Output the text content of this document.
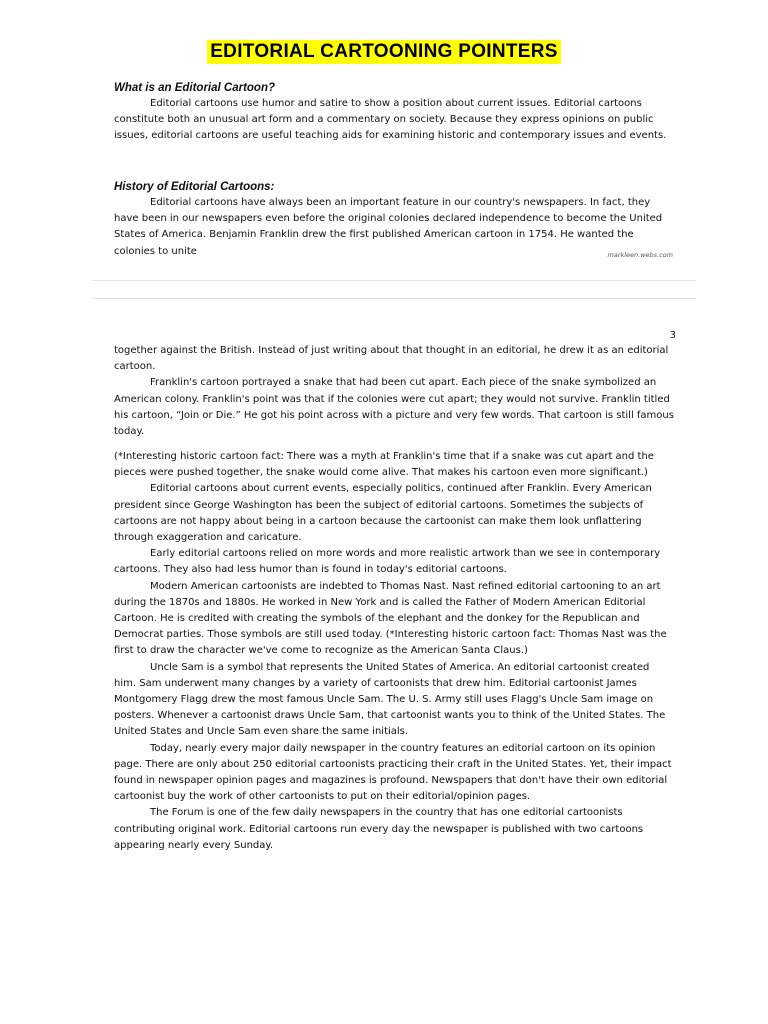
EDITORIAL CARTOONING POINTERS

What is an Editorial Cartoon?

Editorial cartoons use humor and satire to show a position about current issues. Editorial cartoons constitute both an unusual art form and a commentary on society. Because they express opinions on public issues, editorial cartoons are useful teaching aids for examining historic and contemporary issues and events.

History of Editorial Cartoons:

Editorial cartoons have always been an important feature in our country's newspapers. In fact, they have been in our newspapers even before the original colonies declared independence to become the United States of America. Benjamin Franklin drew the first published American cartoon in 1754. He wanted the colonies to unite	markleen.webs.com
3

together against the British. Instead of just writing about that thought in an editorial, he drew it as an editorial cartoon.

Franklin's cartoon portrayed a snake that had been cut apart. Each piece of the snake symbolized an American colony. Franklin's point was that if the colonies were cut apart; they would not survive. Franklin titled his cartoon, “Join or Die.” He got his point across with a picture and very few words. That cartoon is still famous today.

(*Interesting historic cartoon fact: There was a myth at Franklin's time that if a snake was cut apart and the pieces were pushed together, the snake would come alive. That makes his cartoon even more significant.)

Editorial cartoons about current events, especially politics, continued after Franklin. Every American president since George Washington has been the subject of editorial cartoons. Sometimes the subjects of cartoons are not happy about being in a cartoon because the cartoonist can make them look unflattering through exaggeration and caricature.

Early editorial cartoons relied on more words and more realistic artwork than we see in contemporary cartoons. They also had less humor than is found in today's editorial cartoons.

Modern American cartoonists are indebted to Thomas Nast. Nast refined editorial cartooning to an art during the 1870s and 1880s. He worked in New York and is called the Father of Modern American Editorial Cartoon. He is credited with creating the symbols of the elephant and the donkey for the Republican and Democrat parties. Those symbols are still used today. (*Interesting historic cartoon fact: Thomas Nast was the first to draw the character we've come to recognize as the American Santa Claus.)

Uncle Sam is a symbol that represents the United States of America. An editorial cartoonist created him. Sam underwent many changes by a variety of cartoonists that drew him. Editorial cartoonist James Montgomery Flagg drew the most famous Uncle Sam. The U. S. Army still uses Flagg's Uncle Sam image on posters. Whenever a cartoonist draws Uncle Sam, that cartoonist wants you to think of the United States. The United States and Uncle Sam even share the same initials.

Today, nearly every major daily newspaper in the country features an editorial cartoon on its opinion page. There are only about 250 editorial cartoonists practicing their craft in the United States. Yet, their impact found in newspaper opinion pages and magazines is profound. Newspapers that don't have their own editorial cartoonist buy the work of other cartoonists to put on their editorial/opinion pages.

The Forum is one of the few daily newspapers in the country that has one editorial cartoonists contributing original work. Editorial cartoons run every day the newspaper is published with two cartoons appearing nearly every Sunday.
